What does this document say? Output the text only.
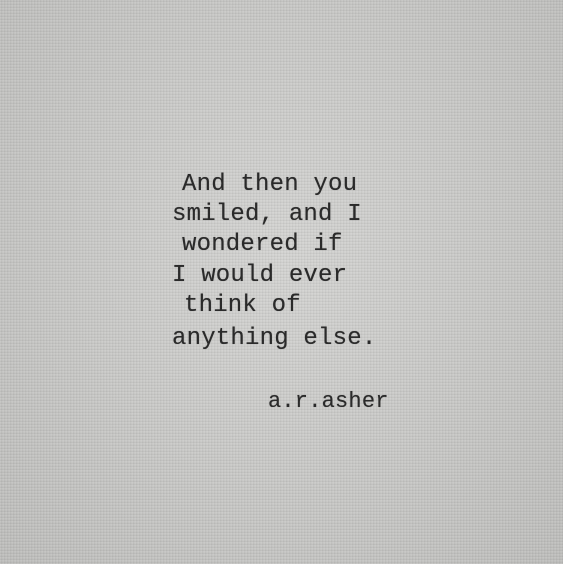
And then you

smiled, and I

wondered if

I would ever

think of

anything else.

a.r.asher
